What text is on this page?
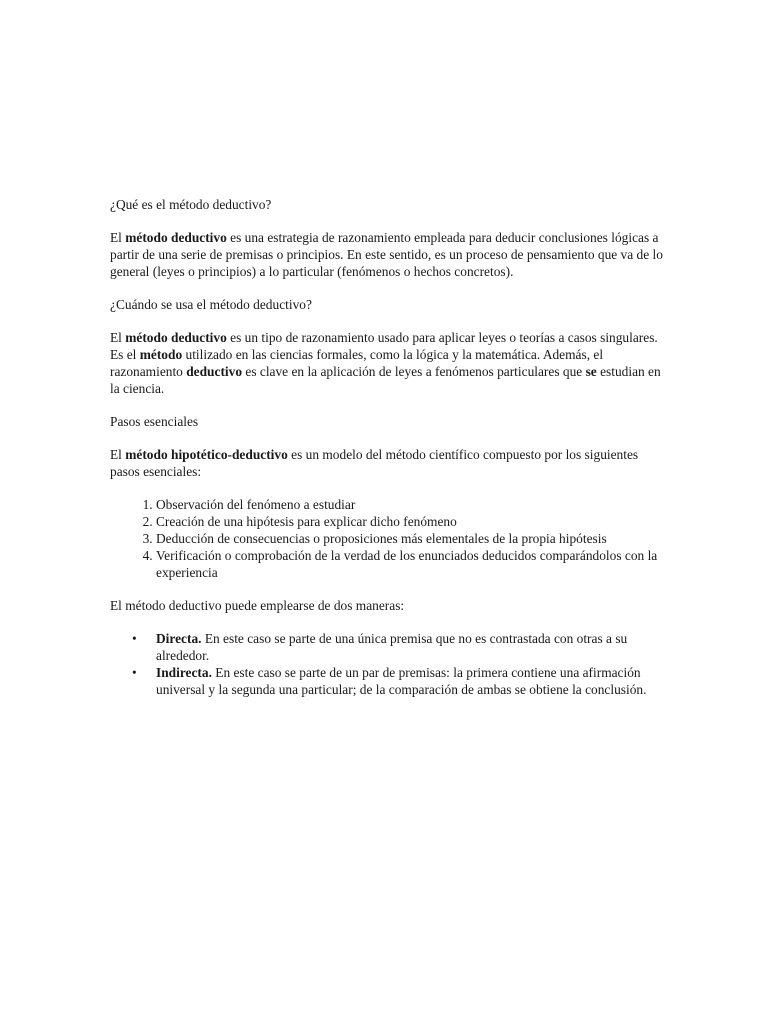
¿Qué es el método deductivo?

El método deductivo es una estrategia de razonamiento empleada para deducir conclusiones lógicas a partir de una serie de premisas o principios. En este sentido, es un proceso de pensamiento que va de lo general (leyes o principios) a lo particular (fenómenos o hechos concretos).

¿Cuándo se usa el método deductivo?

El método deductivo es un tipo de razonamiento usado para aplicar leyes o teorías a casos singulares. Es el método utilizado en las ciencias formales, como la lógica y la matemática. Además, el razonamiento deductivo es clave en la aplicación de leyes a fenómenos particulares que se estudian en la ciencia.

Pasos esenciales

El método hipotético-deductivo es un modelo del método científico compuesto por los siguientes pasos esenciales:

1. Observación del fenómeno a estudiar
2. Creación de una hipótesis para explicar dicho fenómeno
3. Deducción de consecuencias o proposiciones más elementales de la propia hipótesis
4. Verificación o comprobación de la verdad de los enunciados deducidos comparándolos con la experiencia

El método deductivo puede emplearse de dos maneras:

• Directa. En este caso se parte de una única premisa que no es contrastada con otras a su alrededor.
• Indirecta. En este caso se parte de un par de premisas: la primera contiene una afirmación universal y la segunda una particular; de la comparación de ambas se obtiene la conclusión.
